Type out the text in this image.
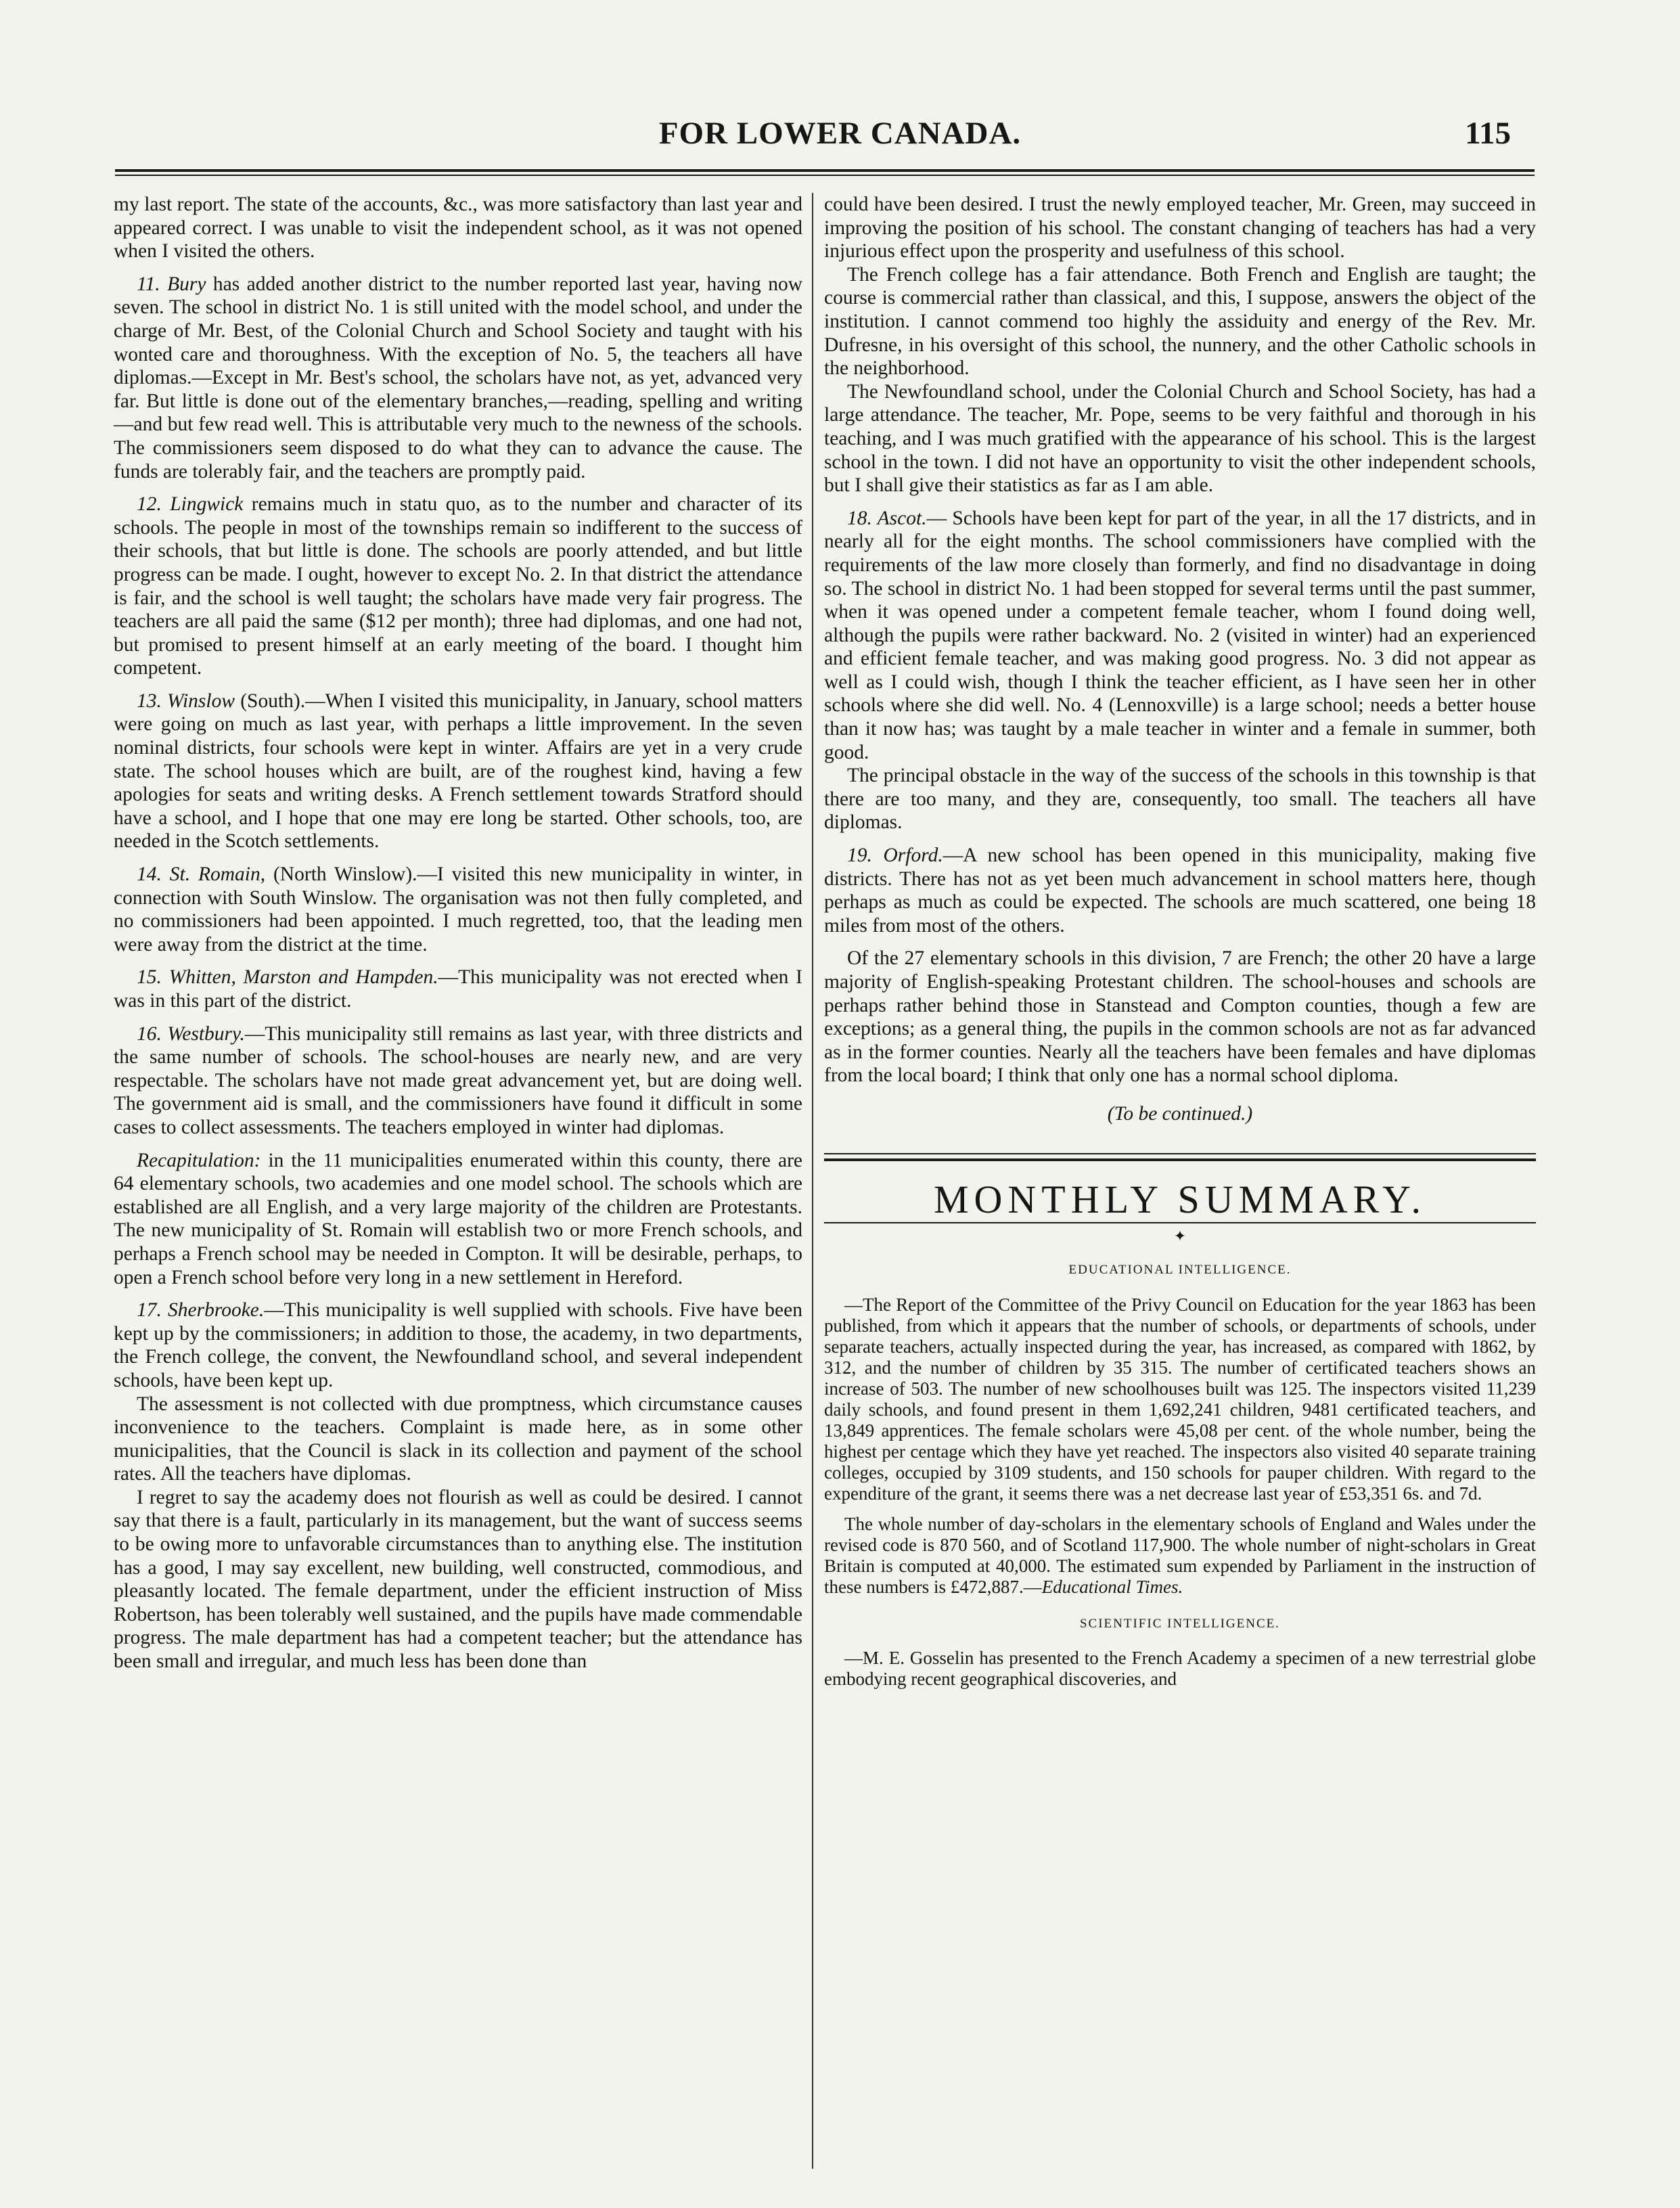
FOR LOWER CANADA.	115

my last report. The state of the accounts, &c., was more satisfactory than last year and appeared correct. I was unable to visit the independent school, as it was not opened when I visited the others.

11. Bury has added another district to the number reported last year, having now seven. The school in district No. 1 is still united with the model school, and under the charge of Mr. Best, of the Colonial Church and School Society and taught with his wonted care and thoroughness. With the exception of No. 5, the teachers all have diplomas.—Except in Mr. Best's school, the scholars have not, as yet, advanced very far. But little is done out of the elementary branches,—reading, spelling and writing—and but few read well. This is attributable very much to the newness of the schools. The commissioners seem disposed to do what they can to advance the cause. The funds are tolerably fair, and the teachers are promptly paid.

12. Lingwick remains much in statu quo, as to the number and character of its schools. The people in most of the townships remain so indifferent to the success of their schools, that but little is done. The schools are poorly attended, and but little progress can be made. I ought, however to except No. 2. In that district the attendance is fair, and the school is well taught; the scholars have made very fair progress. The teachers are all paid the same ($12 per month); three had diplomas, and one had not, but promised to present himself at an early meeting of the board. I thought him competent.

13. Winslow (South).—When I visited this municipality, in January, school matters were going on much as last year, with perhaps a little improvement. In the seven nominal districts, four schools were kept in winter. Affairs are yet in a very crude state. The school houses which are built, are of the roughest kind, having a few apologies for seats and writing desks. A French settlement towards Stratford should have a school, and I hope that one may ere long be started. Other schools, too, are needed in the Scotch settlements.

14. St. Romain, (North Winslow).—I visited this new municipality in winter, in connection with South Winslow. The organisation was not then fully completed, and no commissioners had been appointed. I much regretted, too, that the leading men were away from the district at the time.

15. Whitten, Marston and Hampden.—This municipality was not erected when I was in this part of the district.

16. Westbury.—This municipality still remains as last year, with three districts and the same number of schools. The school-houses are nearly new, and are very respectable. The scholars have not made great advancement yet, but are doing well. The government aid is small, and the commissioners have found it difficult in some cases to collect assessments. The teachers employed in winter had diplomas.

Recapitulation: in the 11 municipalities enumerated within this county, there are 64 elementary schools, two academies and one model school. The schools which are established are all English, and a very large majority of the children are Protestants. The new municipality of St. Romain will establish two or more French schools, and perhaps a French school may be needed in Compton. It will be desirable, perhaps, to open a French school before very long in a new settlement in Hereford.

17. Sherbrooke.—This municipality is well supplied with schools. Five have been kept up by the commissioners; in addition to those, the academy, in two departments, the French college, the convent, the Newfoundland school, and several independent schools, have been kept up.

The assessment is not collected with due promptness, which circumstance causes inconvenience to the teachers. Complaint is made here, as in some other municipalities, that the Council is slack in its collection and payment of the school rates. All the teachers have diplomas.

I regret to say the academy does not flourish as well as could be desired. I cannot say that there is a fault, particularly in its management, but the want of success seems to be owing more to unfavorable circumstances than to anything else. The institution has a good, I may say excellent, new building, well constructed, commodious, and pleasantly located. The female department, under the efficient instruction of Miss Robertson, has been tolerably well sustained, and the pupils have made commendable progress. The male department has had a competent teacher; but the attendance has been small and irregular, and much less has been done than

could have been desired. I trust the newly employed teacher, Mr. Green, may succeed in improving the position of his school. The constant changing of teachers has had a very injurious effect upon the prosperity and usefulness of this school.

The French college has a fair attendance. Both French and English are taught; the course is commercial rather than classical, and this, I suppose, answers the object of the institution. I cannot commend too highly the assiduity and energy of the Rev. Mr. Dufresne, in his oversight of this school, the nunnery, and the other Catholic schools in the neighborhood.

The Newfoundland school, under the Colonial Church and School Society, has had a large attendance. The teacher, Mr. Pope, seems to be very faithful and thorough in his teaching, and I was much gratified with the appearance of his school. This is the largest school in the town. I did not have an opportunity to visit the other independent schools, but I shall give their statistics as far as I am able.

18. Ascot.— Schools have been kept for part of the year, in all the 17 districts, and in nearly all for the eight months. The school commissioners have complied with the requirements of the law more closely than formerly, and find no disadvantage in doing so. The school in district No. 1 had been stopped for several terms until the past summer, when it was opened under a competent female teacher, whom I found doing well, although the pupils were rather backward. No. 2 (visited in winter) had an experienced and efficient female teacher, and was making good progress. No. 3 did not appear as well as I could wish, though I think the teacher efficient, as I have seen her in other schools where she did well. No. 4 (Lennoxville) is a large school; needs a better house than it now has; was taught by a male teacher in winter and a female in summer, both good.

The principal obstacle in the way of the success of the schools in this township is that there are too many, and they are, consequently, too small. The teachers all have diplomas.

19. Orford.—A new school has been opened in this municipality, making five districts. There has not as yet been much advancement in school matters here, though perhaps as much as could be expected. The schools are much scattered, one being 18 miles from most of the others.

Of the 27 elementary schools in this division, 7 are French; the other 20 have a large majority of English-speaking Protestant children. The school-houses and schools are perhaps rather behind those in Stanstead and Compton counties, though a few are exceptions; as a general thing, the pupils in the common schools are not as far advanced as in the former counties. Nearly all the teachers have been females and have diplomas from the local board; I think that only one has a normal school diploma.

(To be continued.)

MONTHLY SUMMARY.
✦
EDUCATIONAL INTELLIGENCE.

—The Report of the Committee of the Privy Council on Education for the year 1863 has been published, from which it appears that the number of schools, or departments of schools, under separate teachers, actually inspected during the year, has increased, as compared with 1862, by 312, and the number of children by 35 315. The number of certificated teachers shows an increase of 503. The number of new schoolhouses built was 125. The inspectors visited 11,239 daily schools, and found present in them 1,692,241 children, 9481 certificated teachers, and 13,849 apprentices. The female scholars were 45,08 per cent. of the whole number, being the highest per centage which they have yet reached. The inspectors also visited 40 separate training colleges, occupied by 3109 students, and 150 schools for pauper children. With regard to the expenditure of the grant, it seems there was a net decrease last year of £53,351 6s. and 7d.

The whole number of day-scholars in the elementary schools of England and Wales under the revised code is 870 560, and of Scotland 117,900. The whole number of night-scholars in Great Britain is computed at 40,000. The estimated sum expended by Parliament in the instruction of these numbers is £472,887.—Educational Times.

SCIENTIFIC INTELLIGENCE.

—M. E. Gosselin has presented to the French Academy a specimen of a new terrestrial globe embodying recent geographical discoveries, and
